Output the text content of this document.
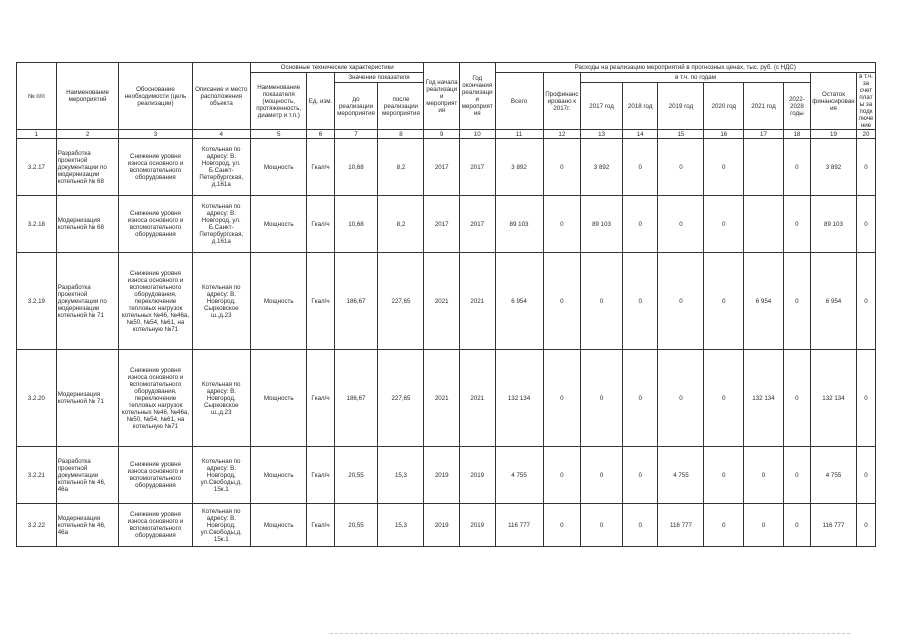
№ п/п	Наименование мероприятий	Обоснование необходимости (цель реализации)	Описание и место расположения объекта	Основные технические характеристики				Год начала реализации мероприятия	Год окончания реализации мероприятия	Расходы на реализацию мероприятий в прогнозных ценах, тыс. руб. (с НДС)									
				Наименование показателя (мощность, протяженность, диаметр и т.п.)	Ед. изм.	Значение показателя				Всего	Профинансировано к 2017г.	в т.ч. по годам						Остаток финансирования	в т.ч. за счет платы за подключение
						до реализации мероприятия	после реализации мероприятия					2017 год	2018 год	2019 год	2020 год	2021 год	2022-2028 годы		

1	2	3	4	5	6	7	8	9	10	11	12	13	14	15	16	17	18	19	20
3.2.17	Разработка проектной документации по модернизации котельной № 68	Снижение уровня износа основного и вспомогательного оборудования	Котельная по адресу: В. Новгород, ул. Б.Санкт-Петербургская, д.161а	Мощность	Гкал/ч	10,68	8,2	2017	2017	3 892	0	3 892	0	0	0		0	3 892	0
3.2.18	Модернизация котельной № 68	Снижение уровня износа основного и вспомогательного оборудования	Котельная по адресу: В. Новгород, ул. Б.Санкт-Петербургская, д.161а	Мощность	Гкал/ч	10,68	8,2	2017	2017	89 103	0	89 103	0	0	0		0	89 103	0
3.2.19	Разработка проектной документации по модернизации котельной № 71	Снижение уровня износа основного и вспомогательного оборудования, переключение тепловых нагрузок котельных №46, №46а, №50, №54, №61, на котельную №71	Котельная по адресу: В. Новгород, Сырковское ш.,д.23	Мощность	Гкал/ч	186,67	227,65	2021	2021	6 954	0	0	0	0	0	6 954	0	6 954	0
3.2.20	Модернизация котельной № 71	Снижение уровня износа основного и вспомогательного оборудования, переключение тепловых нагрузок котельных №46, №46а, №50, №54, №61, на котельную №71	Котельная по адресу: В. Новгород, Сырковское ш.,д.23	Мощность	Гкал/ч	186,67	227,65	2021	2021	132 134	0	0	0	0	0	132 134	0	132 134	0
3.2.21	Разработка проектной документации котельной № 46, 46а	Снижение уровня износа основного и вспомогательного оборудования	Котельная по адресу: В. Новгород, ул.Свободы,д. 15к.1	Мощность	Гкал/ч	20,55	15,3	2019	2019	4 755	0	0	0	4 755	0	0	0	4 755	0
3.2.22	Модернизация котельной № 46, 46а	Снижение уровня износа основного и вспомогательного оборудования	Котельная по адресу: В. Новгород, ул.Свободы,д. 15к.1	Мощность	Гкал/ч	20,55	15,3	2019	2019	116 777	0	0	0	116 777	0	0	0	116 777	0
